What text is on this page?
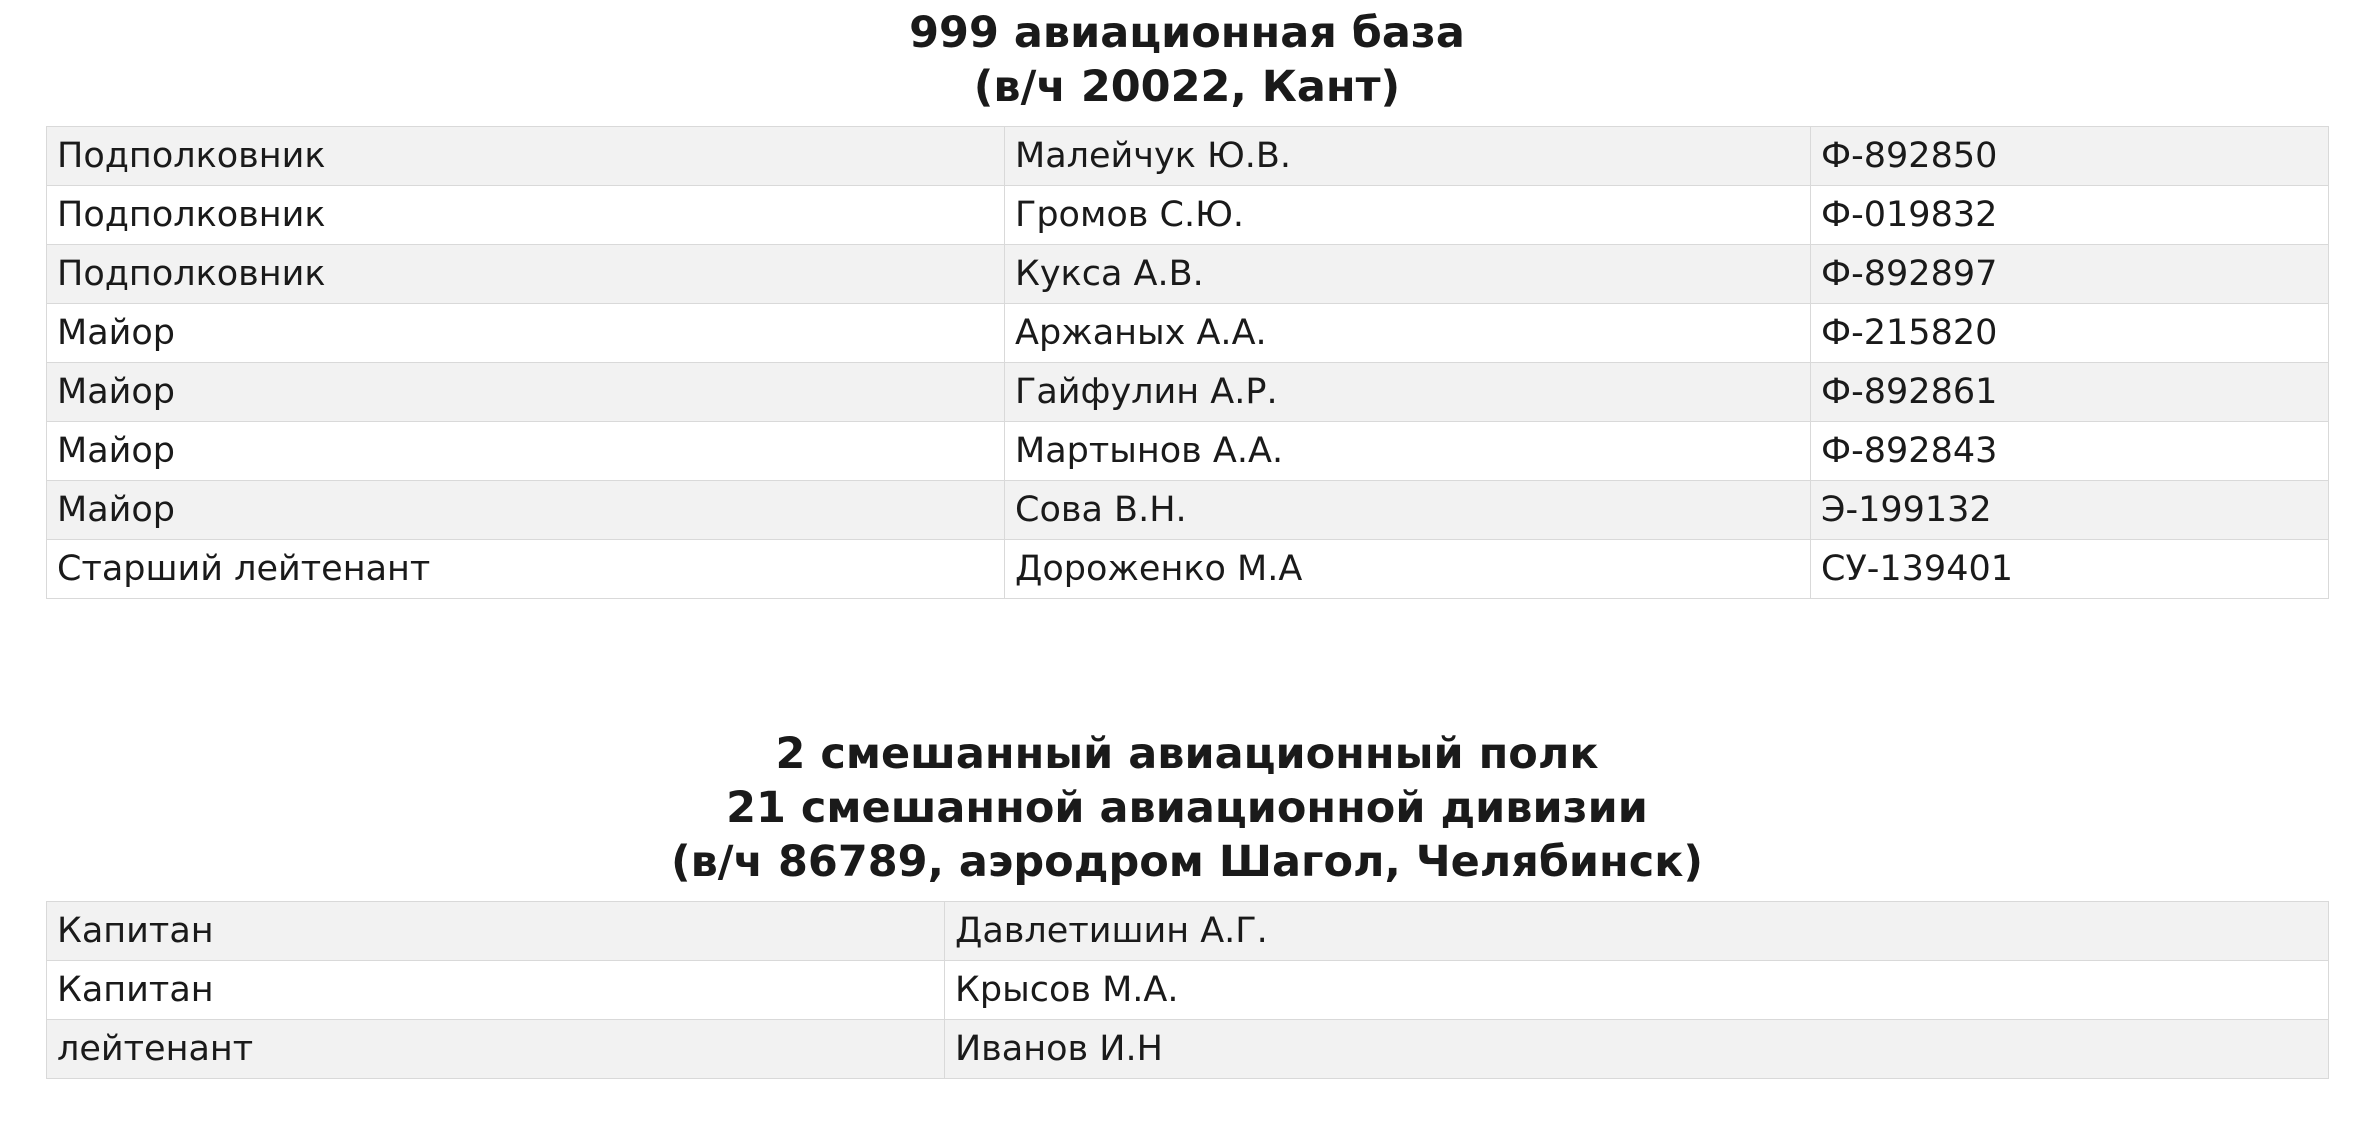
999 авиационная база
(в/ч 20022, Кант)
Подполковник	Малейчук Ю.В.	Ф-892850
Подполковник	Громов С.Ю.	Ф-019832
Подполковник	Кукса А.В.	Ф-892897
Майор	Аржаных А.А.	Ф-215820
Майор	Гайфулин А.Р.	Ф-892861
Майор	Мартынов А.А.	Ф-892843
Майор	Сова В.Н.	Э-199132
Старший лейтенант	Дороженко М.А	СУ-139401
2 смешанный авиационный полк
21 смешанной авиационной дивизии
(в/ч 86789, аэродром Шагол, Челябинск)
Капитан	Давлетишин А.Г.
Капитан	Крысов М.А.
лейтенант	Иванов И.Н
